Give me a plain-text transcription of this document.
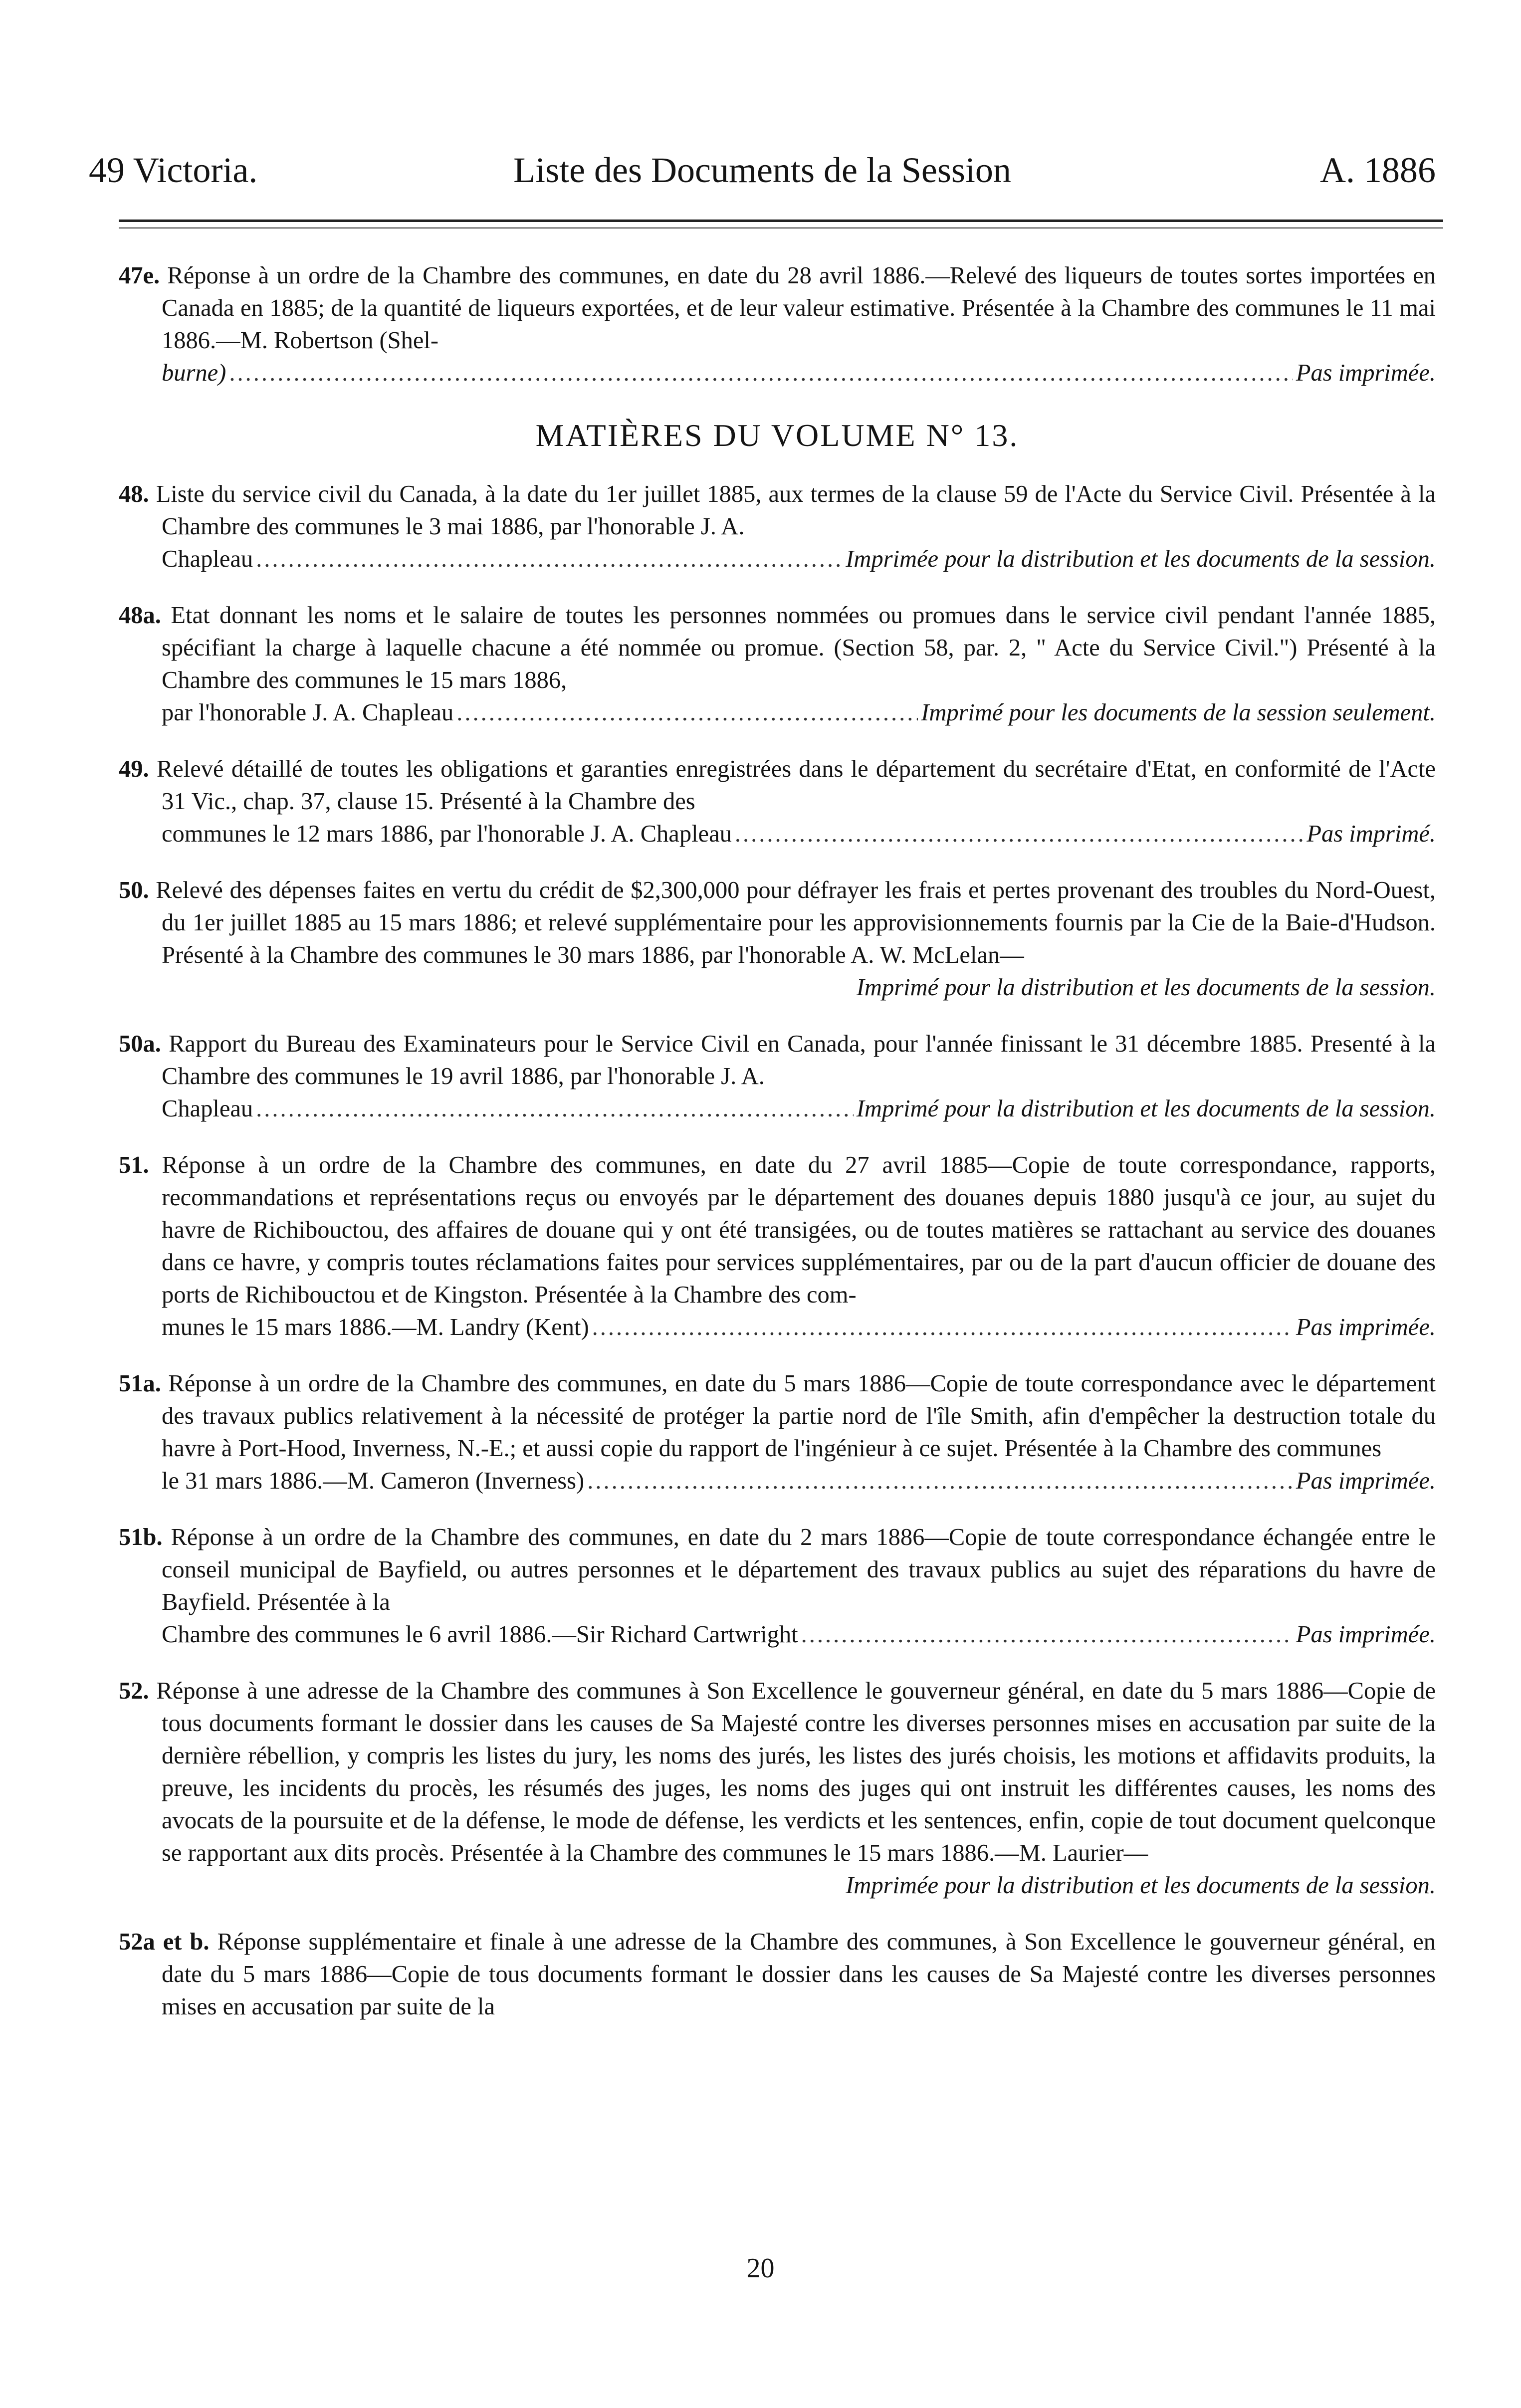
49 Victoria.	Liste des Documents de la Session	A. 1886

47e. Réponse à un ordre de la Chambre des communes, en date du 28 avril 1886.—Relevé des liqueurs de toutes sortes importées en Canada en 1885; de la quantité de liqueurs exportées, et de leur valeur estimative. Présentée à la Chambre des communes le 11 mai 1886.—M. Robertson (Shel-

burne) .....	Pas imprimée.
MATIÈRES DU VOLUME N° 13.

48. Liste du service civil du Canada, à la date du 1er juillet 1885, aux termes de la clause 59 de l'Acte du Service Civil. Présentée à la Chambre des communes le 3 mai 1886, par l'honorable J. A.

Chapleau .....	Imprimée pour la distribution et les documents de la session.

48a. Etat donnant les noms et le salaire de toutes les personnes nommées ou promues dans le service civil pendant l'année 1885, spécifiant la charge à laquelle chacune a été nommée ou promue. (Section 58, par. 2, " Acte du Service Civil.") Présenté à la Chambre des communes le 15 mars 1886,

par l'honorable J. A. Chapleau .....	Imprimé pour les documents de la session seulement.

49. Relevé détaillé de toutes les obligations et garanties enregistrées dans le département du secrétaire d'Etat, en conformité de l'Acte 31 Vic., chap. 37, clause 15. Présenté à la Chambre des

communes le 12 mars 1886, par l'honorable J. A. Chapleau .....	Pas imprimé.

50. Relevé des dépenses faites en vertu du crédit de $2,300,000 pour défrayer les frais et pertes provenant des troubles du Nord-Ouest, du 1er juillet 1885 au 15 mars 1886; et relevé supplémentaire pour les approvisionnements fournis par la Cie de la Baie-d'Hudson. Présenté à la Chambre des communes le 30 mars 1886, par l'honorable A. W. McLelan—

Imprimé pour la distribution et les documents de la session.

50a. Rapport du Bureau des Examinateurs pour le Service Civil en Canada, pour l'année finissant le 31 décembre 1885. Presenté à la Chambre des communes le 19 avril 1886, par l'honorable J. A.

Chapleau .....	Imprimé pour la distribution et les documents de la session.

51. Réponse à un ordre de la Chambre des communes, en date du 27 avril 1885—Copie de toute correspondance, rapports, recommandations et représentations reçus ou envoyés par le département des douanes depuis 1880 jusqu'à ce jour, au sujet du havre de Richibouctou, des affaires de douane qui y ont été transigées, ou de toutes matières se rattachant au service des douanes dans ce havre, y compris toutes réclamations faites pour services supplémentaires, par ou de la part d'aucun officier de douane des ports de Richibouctou et de Kingston. Présentée à la Chambre des com-

munes le 15 mars 1886.—M. Landry (Kent) .....	Pas imprimée.

51a. Réponse à un ordre de la Chambre des communes, en date du 5 mars 1886—Copie de toute correspondance avec le département des travaux publics relativement à la nécessité de protéger la partie nord de l'île Smith, afin d'empêcher la destruction totale du havre à Port-Hood, Inverness, N.-E.; et aussi copie du rapport de l'ingénieur à ce sujet. Présentée à la Chambre des communes

le 31 mars 1886.—M. Cameron (Inverness) .....	Pas imprimée.

51b. Réponse à un ordre de la Chambre des communes, en date du 2 mars 1886—Copie de toute correspondance échangée entre le conseil municipal de Bayfield, ou autres personnes et le département des travaux publics au sujet des réparations du havre de Bayfield. Présentée à la

Chambre des communes le 6 avril 1886.—Sir Richard Cartwright .....	Pas imprimée.

52. Réponse à une adresse de la Chambre des communes à Son Excellence le gouverneur général, en date du 5 mars 1886—Copie de tous documents formant le dossier dans les causes de Sa Majesté contre les diverses personnes mises en accusation par suite de la dernière rébellion, y compris les listes du jury, les noms des jurés, les listes des jurés choisis, les motions et affidavits produits, la preuve, les incidents du procès, les résumés des juges, les noms des juges qui ont instruit les différentes causes, les noms des avocats de la poursuite et de la défense, le mode de défense, les verdicts et les sentences, enfin, copie de tout document quelconque se rapportant aux dits procès. Présentée à la Chambre des communes le 15 mars 1886.—M. Laurier—

Imprimée pour la distribution et les documents de la session.

52a et b. Réponse supplémentaire et finale à une adresse de la Chambre des communes, à Son Excellence le gouverneur général, en date du 5 mars 1886—Copie de tous documents formant le dossier dans les causes de Sa Majesté contre les diverses personnes mises en accusation par suite de la

20
